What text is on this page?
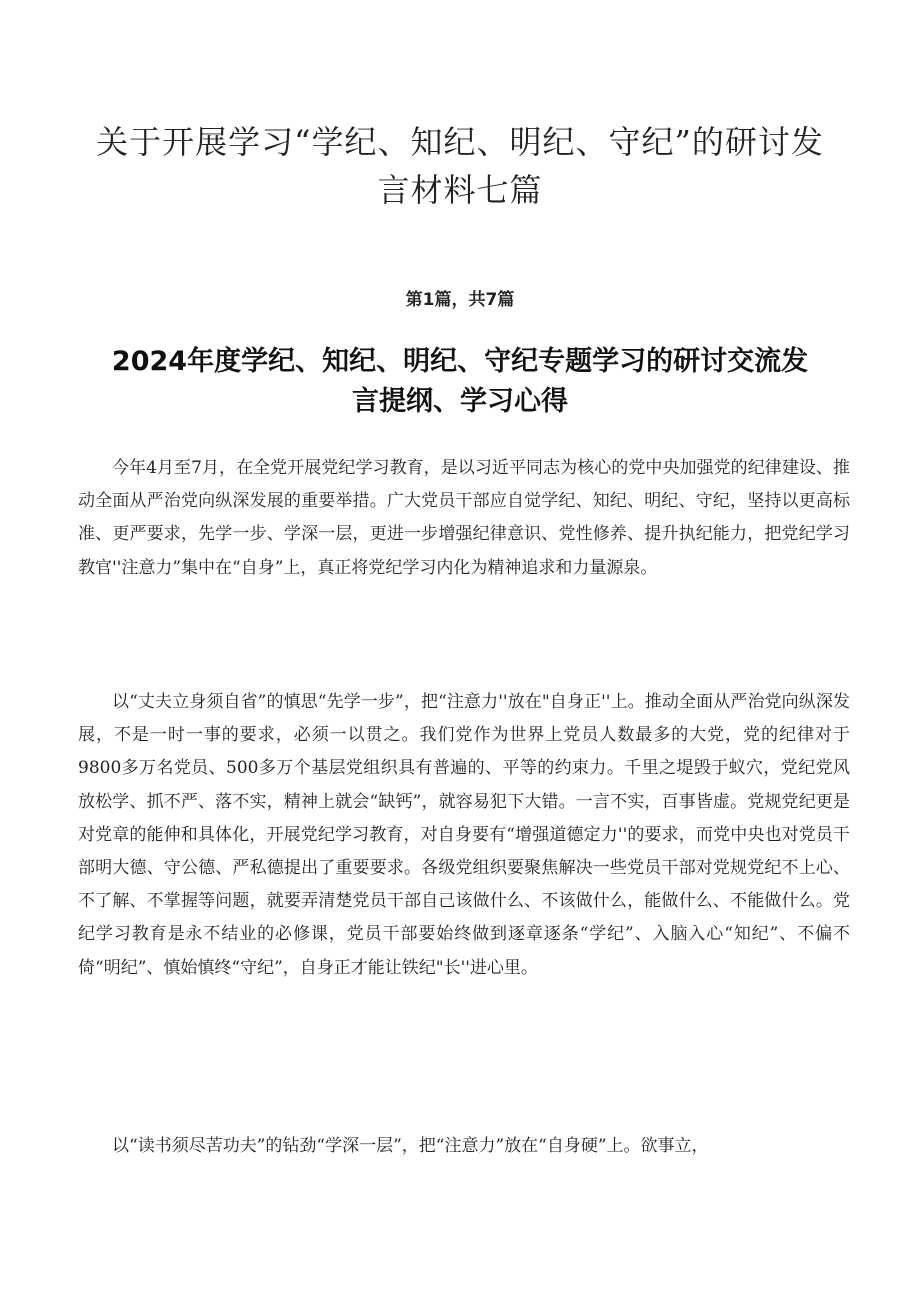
关于开展学习“学纪、知纪、明纪、守纪”的研讨发言材料七篇
第1篇，共7篇
2024年度学纪、知纪、明纪、守纪专题学习的研讨交流发言提纲、学习心得

今年4月至7月，在全党开展党纪学习教育，是以习近平同志为核心的党中央加强党的纪律建设、推动全面从严治党向纵深发展的重要举措。广大党员干部应自觉学纪、知纪、明纪、守纪，坚持以更高标准、更严要求，先学一步、学深一层，更进一步增强纪律意识、党性修养、提升执纪能力，把党纪学习教官''注意力”集中在“自身”上，真正将党纪学习内化为精神追求和力量源泉。

以“丈夫立身须自省”的慎思“先学一步”，把“注意力''放在"自身正''上。推动全面从严治党向纵深发展，不是一时一事的要求，必须一以贯之。我们党作为世界上党员人数最多的大党，党的纪律对于9800多万名党员、500多万个基层党组织具有普遍的、平等的约束力。千里之堤毁于蚁穴，党纪党风放松学、抓不严、落不实，精神上就会“缺钙”，就容易犯下大错。一言不实，百事皆虚。党规党纪更是对党章的能伸和具体化，开展党纪学习教育，对自身要有“增强道德定力''的要求，而党中央也对党员干部明大德、守公德、严私德提出了重要要求。各级党组织要聚焦解决一些党员干部对党规党纪不上心、不了解、不掌握等问题，就要弄清楚党员干部自己该做什么、不该做什么，能做什么、不能做什么。党纪学习教育是永不结业的必修课，党员干部要始终做到逐章逐条“学纪”、入脑入心“知纪”、不偏不倚“明纪”、慎始慎终“守纪”，自身正才能让铁纪"长''进心里。

以“读书须尽苦功夫”的钻劲“学深一层”，把“注意力”放在“自身硬”上。欲事立，
